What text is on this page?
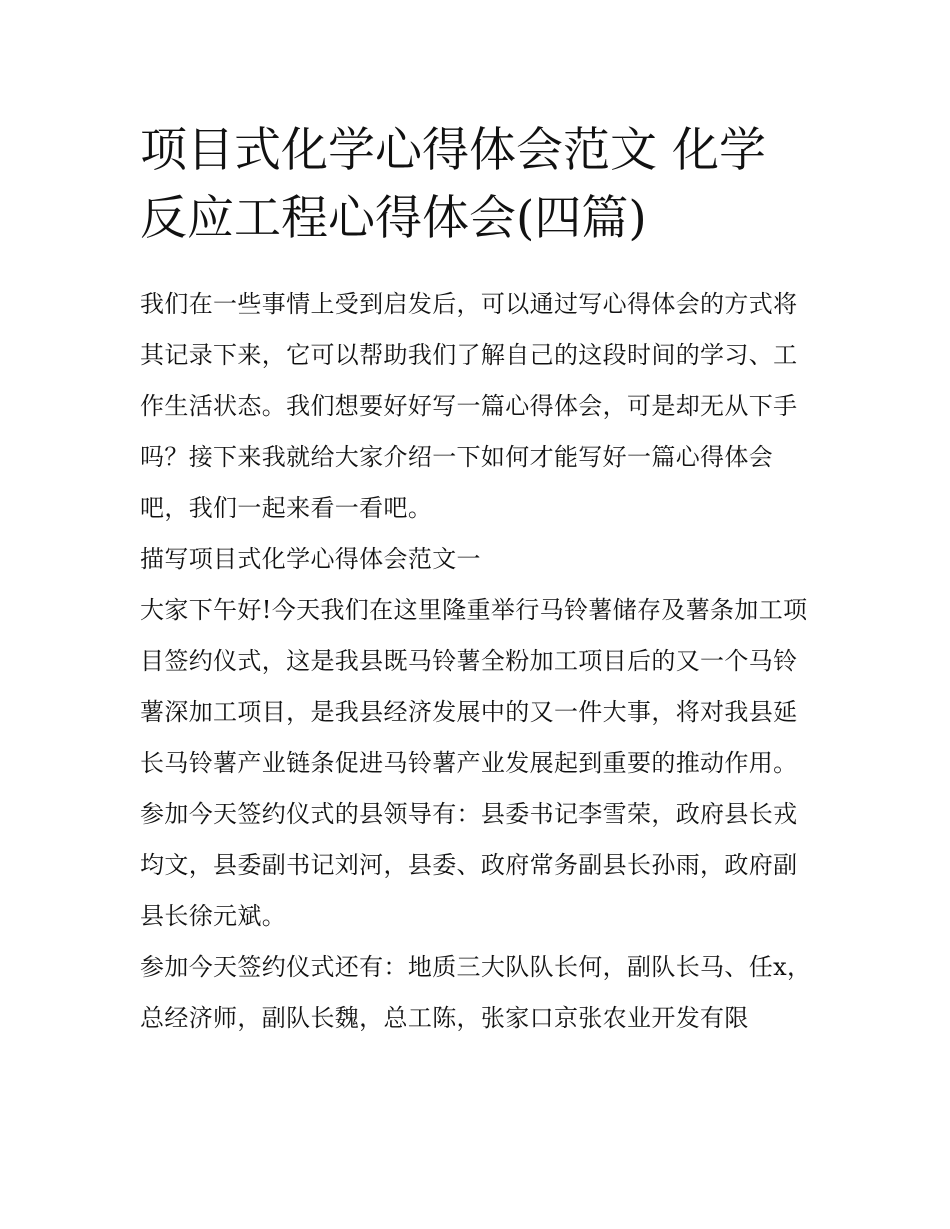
项目式化学心得体会范文 化学
反应工程心得体会(四篇)

我们在一些事情上受到启发后，可以通过写心得体会的方式将其记录下来，它可以帮助我们了解自己的这段时间的学习、工作生活状态。我们想要好好写一篇心得体会，可是却无从下手吗？接下来我就给大家介绍一下如何才能写好一篇心得体会吧，我们一起来看一看吧。

描写项目式化学心得体会范文一

大家下午好!今天我们在这里隆重举行马铃薯储存及薯条加工项目签约仪式，这是我县既马铃薯全粉加工项目后的又一个马铃薯深加工项目，是我县经济发展中的又一件大事，将对我县延长马铃薯产业链条促进马铃薯产业发展起到重要的推动作用。

参加今天签约仪式的县领导有：县委书记李雪荣，政府县长戎均文，县委副书记刘河，县委、政府常务副县长孙雨，政府副县长徐元斌。

参加今天签约仪式还有：地质三大队队长何，副队长马、任x，总经济师，副队长魏，总工陈，张家口京张农业开发有限
